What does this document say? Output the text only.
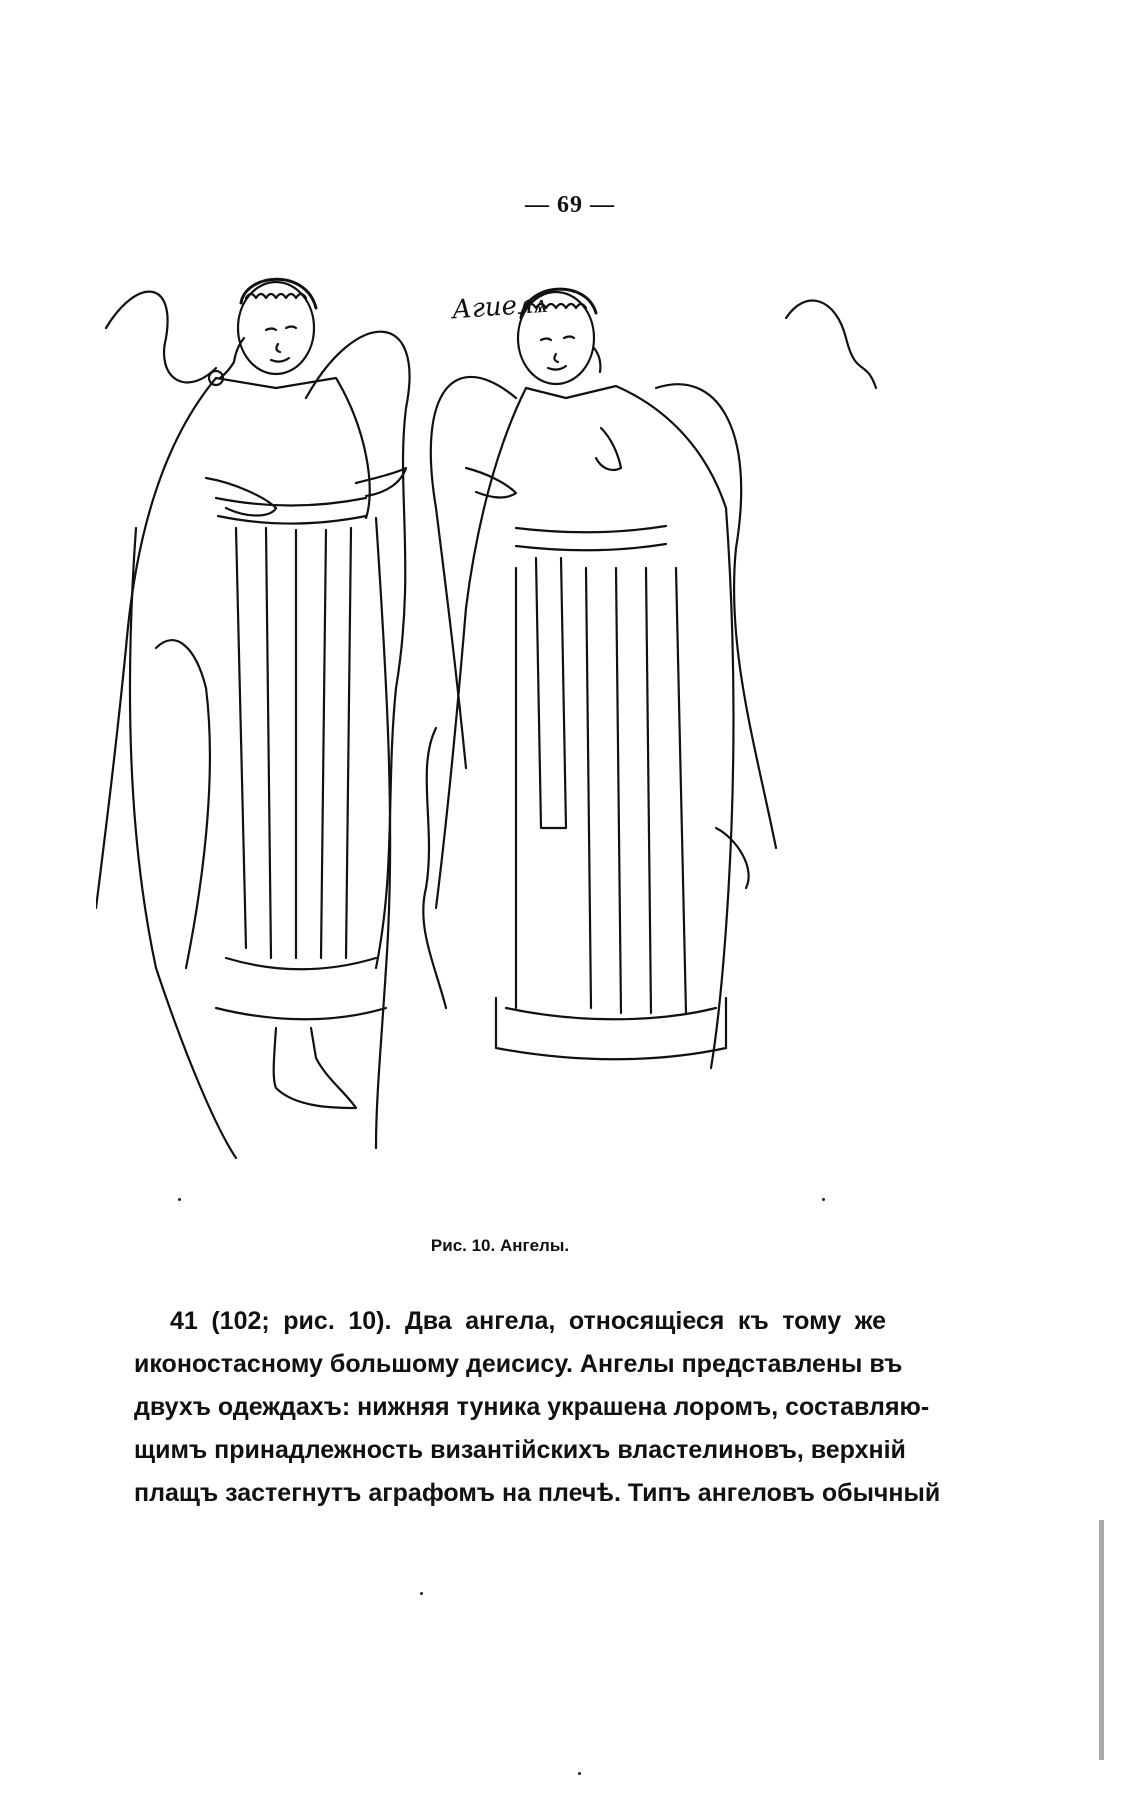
— 69 —
Агиелѧ
Рис. 10. Ангелы.
41 (102; рис. 10). Два ангела, относящіеся къ тому же
иконостасному большому деисису. Ангелы представлены въ
двухъ одеждахъ: нижняя туника украшена лоромъ, составляю-
щимъ принадлежность византійскихъ властелиновъ, верхній
плащъ застегнутъ аграфомъ на плечѣ. Типъ ангеловъ обычный
